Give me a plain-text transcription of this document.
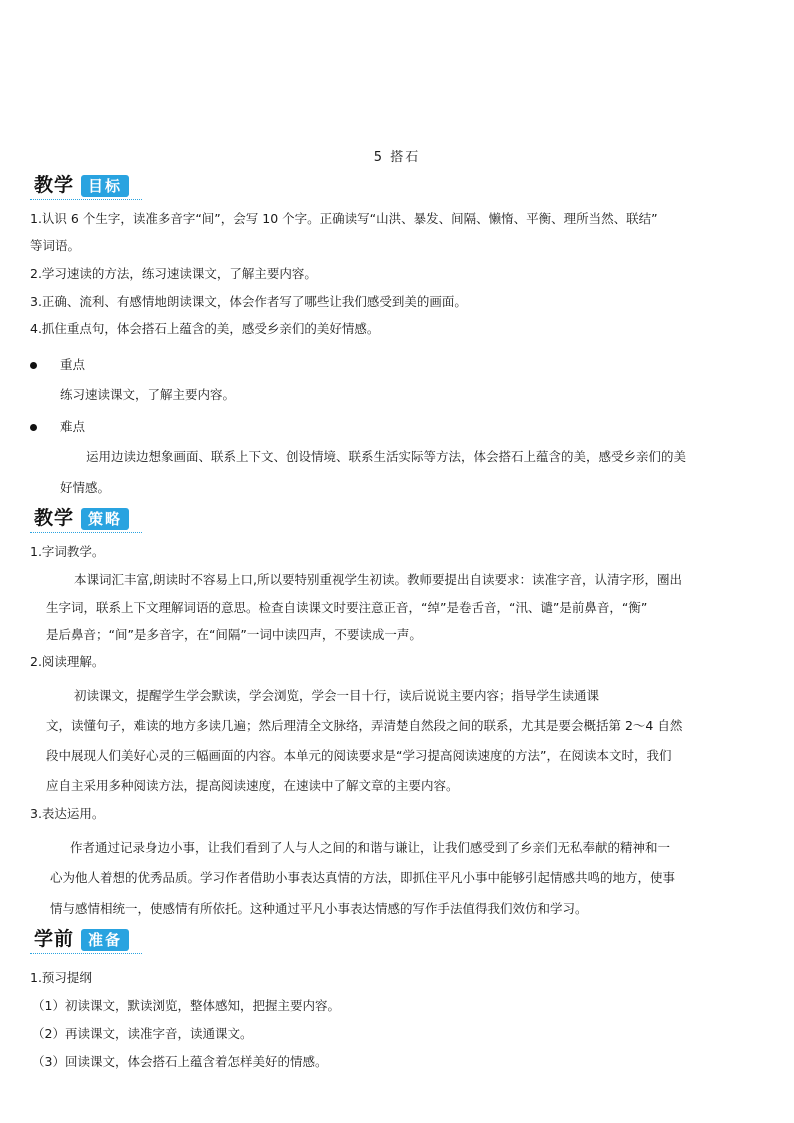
5 搭石
教学 目标
1.认识 6 个生字，读准多音字“间”，会写 10 个字。正确读写“山洪、暴发、间隔、懒惰、平衡、理所当然、联结”
等词语。
2.学习速读的方法，练习速读课文，了解主要内容。
3.正确、流利、有感情地朗读课文，体会作者写了哪些让我们感受到美的画面。
4.抓住重点句，体会搭石上蕴含的美，感受乡亲们的美好情感。
重点
练习速读课文，了解主要内容。
难点
运用边读边想象画面、联系上下文、创设情境、联系生活实际等方法，体会搭石上蕴含的美，感受乡亲们的美
好情感。
教学 策略
1.字词教学。
本课词汇丰富,朗读时不容易上口,所以要特别重视学生初读。教师要提出自读要求：读准字音，认清字形，圈出
生字词，联系上下文理解词语的意思。检查自读课文时要注意正音，“绰”是卷舌音，“汛、谴”是前鼻音，“衡”
是后鼻音；“间”是多音字，在“间隔”一词中读四声，不要读成一声。
2.阅读理解。
初读课文，提醒学生学会默读，学会浏览，学会一目十行，读后说说主要内容；指导学生读通课
文，读懂句子，难读的地方多读几遍；然后理清全文脉络，弄清楚自然段之间的联系，尤其是要会概括第 2～4 自然
段中展现人们美好心灵的三幅画面的内容。本单元的阅读要求是“学习提高阅读速度的方法”，在阅读本文时，我们
应自主采用多种阅读方法，提高阅读速度，在速读中了解文章的主要内容。
3.表达运用。
作者通过记录身边小事，让我们看到了人与人之间的和谐与谦让，让我们感受到了乡亲们无私奉献的精神和一
心为他人着想的优秀品质。学习作者借助小事表达真情的方法，即抓住平凡小事中能够引起情感共鸣的地方，使事
情与感情相统一，使感情有所依托。这种通过平凡小事表达情感的写作手法值得我们效仿和学习。
学前 准备
1.预习提纲
（1）初读课文，默读浏览，整体感知，把握主要内容。
（2）再读课文，读准字音，读通课文。
（3）回读课文，体会搭石上蕴含着怎样美好的情感。
